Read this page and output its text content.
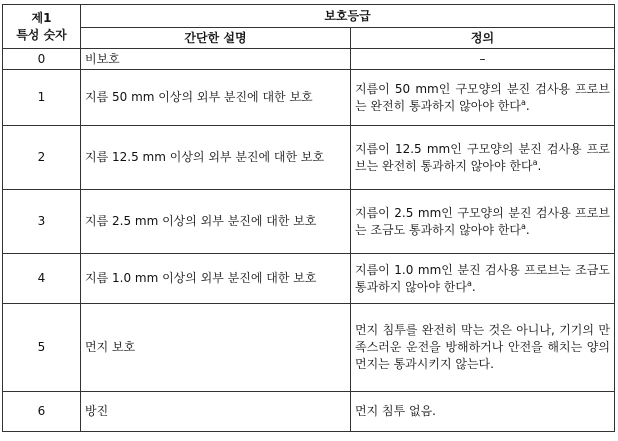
제1
특성 숫자	보호등급	
	간단한 설명	정의
0	비보호	–
1	지름 50 mm 이상의 외부 분진에 대한 보호	지름이 50 mm인 구모양의 분진 검사용 프로브는 완전히 통과하지 않아야 한다$^a$.
2	지름 12.5 mm 이상의 외부 분진에 대한 보호	지름이 12.5 mm인 구모양의 분진 검사용 프로브는 완전히 통과하지 않아야 한다$^a$.
3	지름 2.5 mm 이상의 외부 분진에 대한 보호	지름이 2.5 mm인 구모양의 분진 검사용 프로브는 조금도 통과하지 않아야 한다$^a$.
4	지름 1.0 mm 이상의 외부 분진에 대한 보호	지름이 1.0 mm인 분진 검사용 프로브는 조금도 통과하지 않아야 한다$^a$.
5	먼지 보호	먼지 침투를 완전히 막는 것은 아니나, 기기의 만족스러운 운전을 방해하거나 안전을 해치는 양의 먼지는 통과시키지 않는다.
6	방진	먼지 침투 없음.
